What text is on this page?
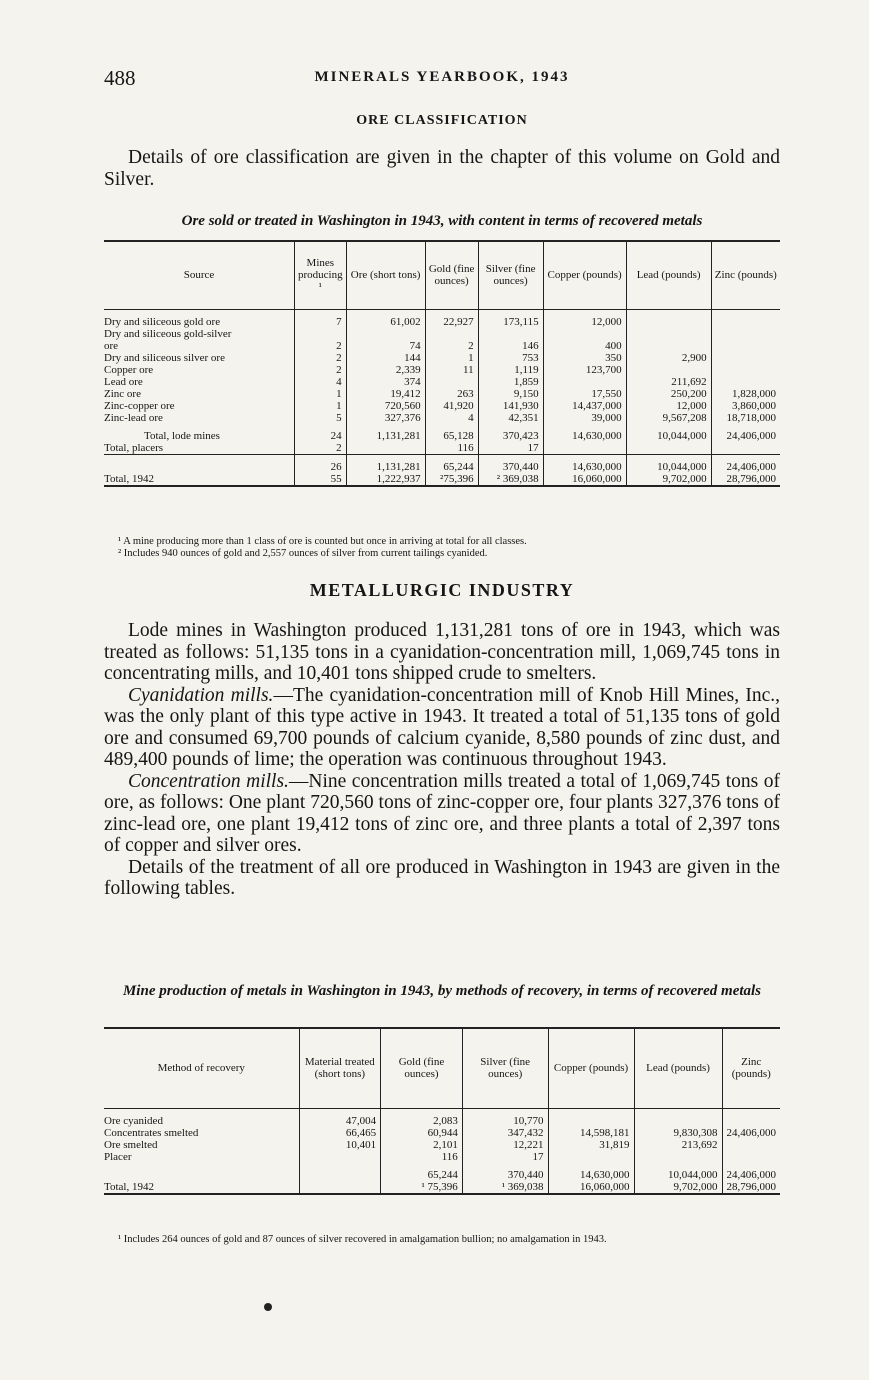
488	MINERALS YEARBOOK, 1943
ORE CLASSIFICATION

Details of ore classification are given in the chapter of this volume on Gold and Silver.

Ore sold or treated in Washington in 1943, with content in terms of recovered metals
Source	Mines producing ¹	Ore (short tons)	Gold (fine ounces)	Silver (fine ounces)	Copper (pounds)	Lead (pounds)	Zinc (pounds)

Dry and siliceous gold ore	7	61,002	22,927	173,115	12,000		
Dry and siliceous gold-silver							
ore	2	74	2	146	400		
Dry and siliceous silver ore	2	144	1	753	350	2,900	
Copper ore	2	2,339	11	1,119	123,700		
Lead ore	4	374		1,859		211,692	
Zinc ore	1	19,412	263	9,150	17,550	250,200	1,828,000
Zinc-copper ore	1	720,560	41,920	141,930	14,437,000	12,000	3,860,000
Zinc-lead ore	5	327,376	4	42,351	39,000	9,567,208	18,718,000

Total, lode mines	24	1,131,281	65,128	370,423	14,630,000	10,044,000	24,406,000
Total, placers	2		116	17			

	26	1,131,281	65,244	370,440	14,630,000	10,044,000	24,406,000
Total, 1942	55	1,222,937	²75,396	² 369,038	16,060,000	9,702,000	28,796,000
¹ A mine producing more than 1 class of ore is counted but once in arriving at total for all classes.
² Includes 940 ounces of gold and 2,557 ounces of silver from current tailings cyanided.
METALLURGIC INDUSTRY

Lode mines in Washington produced 1,131,281 tons of ore in 1943, which was treated as follows: 51,135 tons in a cyanidation-concentration mill, 1,069,745 tons in concentrating mills, and 10,401 tons shipped crude to smelters.

Cyanidation mills.—The cyanidation-concentration mill of Knob Hill Mines, Inc., was the only plant of this type active in 1943. It treated a total of 51,135 tons of gold ore and consumed 69,700 pounds of calcium cyanide, 8,580 pounds of zinc dust, and 489,400 pounds of lime; the operation was continuous throughout 1943.

Concentration mills.—Nine concentration mills treated a total of 1,069,745 tons of ore, as follows: One plant 720,560 tons of zinc-copper ore, four plants 327,376 tons of zinc-lead ore, one plant 19,412 tons of zinc ore, and three plants a total of 2,397 tons of copper and silver ores.

Details of the treatment of all ore produced in Washington in 1943 are given in the following tables.

Mine production of metals in Washington in 1943, by methods of recovery, in terms of recovered metals
Method of recovery	Material treated (short tons)	Gold (fine ounces)	Silver (fine ounces)	Copper (pounds)	Lead (pounds)	Zinc (pounds)

Ore cyanided	47,004	2,083	10,770			
Concentrates smelted	66,465	60,944	347,432	14,598,181	9,830,308	24,406,000
Ore smelted	10,401	2,101	12,221	31,819	213,692	
Placer		116	17			

		65,244	370,440	14,630,000	10,044,000	24,406,000
Total, 1942		¹ 75,396	¹ 369,038	16,060,000	9,702,000	28,796,000
¹ Includes 264 ounces of gold and 87 ounces of silver recovered in amalgamation bullion; no amalgamation in 1943.
